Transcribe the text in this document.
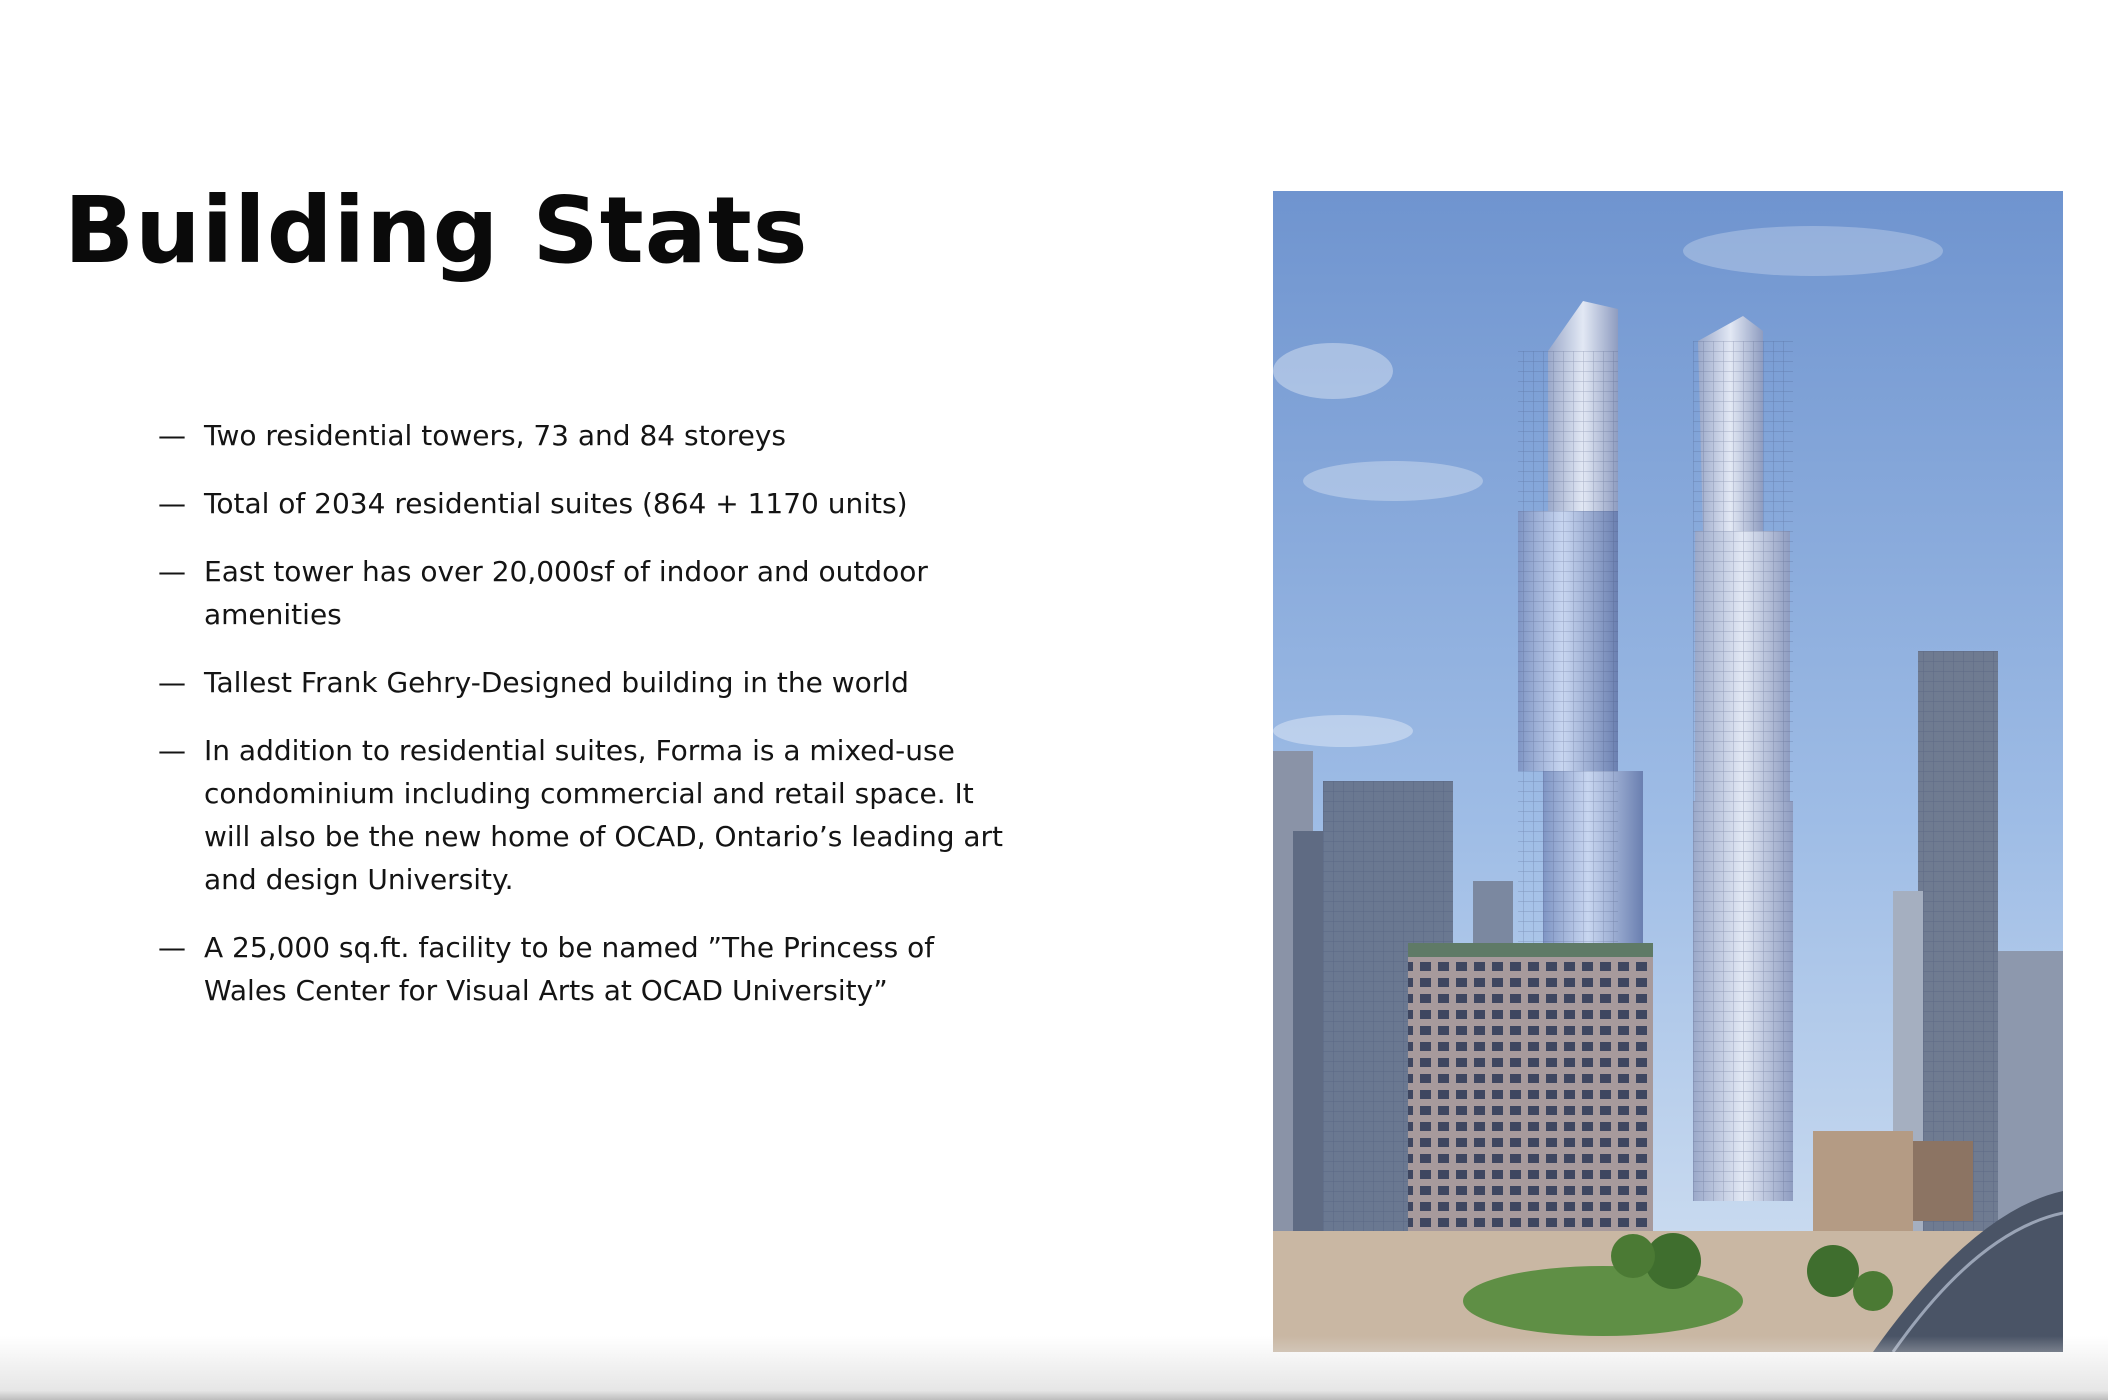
Building Stats
— Two residential towers, 73 and 84 storeys
— Total of 2034 residential suites (864 + 1170 units)
— East tower has over 20,000sf of indoor and outdoor amenities
— Tallest Frank Gehry-Designed building in the world
— In addition to residential suites, Forma is a mixed-use condominium including commercial and retail space. It will also be the new home of OCAD, Ontario’s leading art and design University.
— A 25,000 sq.ft. facility to be named ”The Princess of Wales Center for Visual Arts at OCAD University”
